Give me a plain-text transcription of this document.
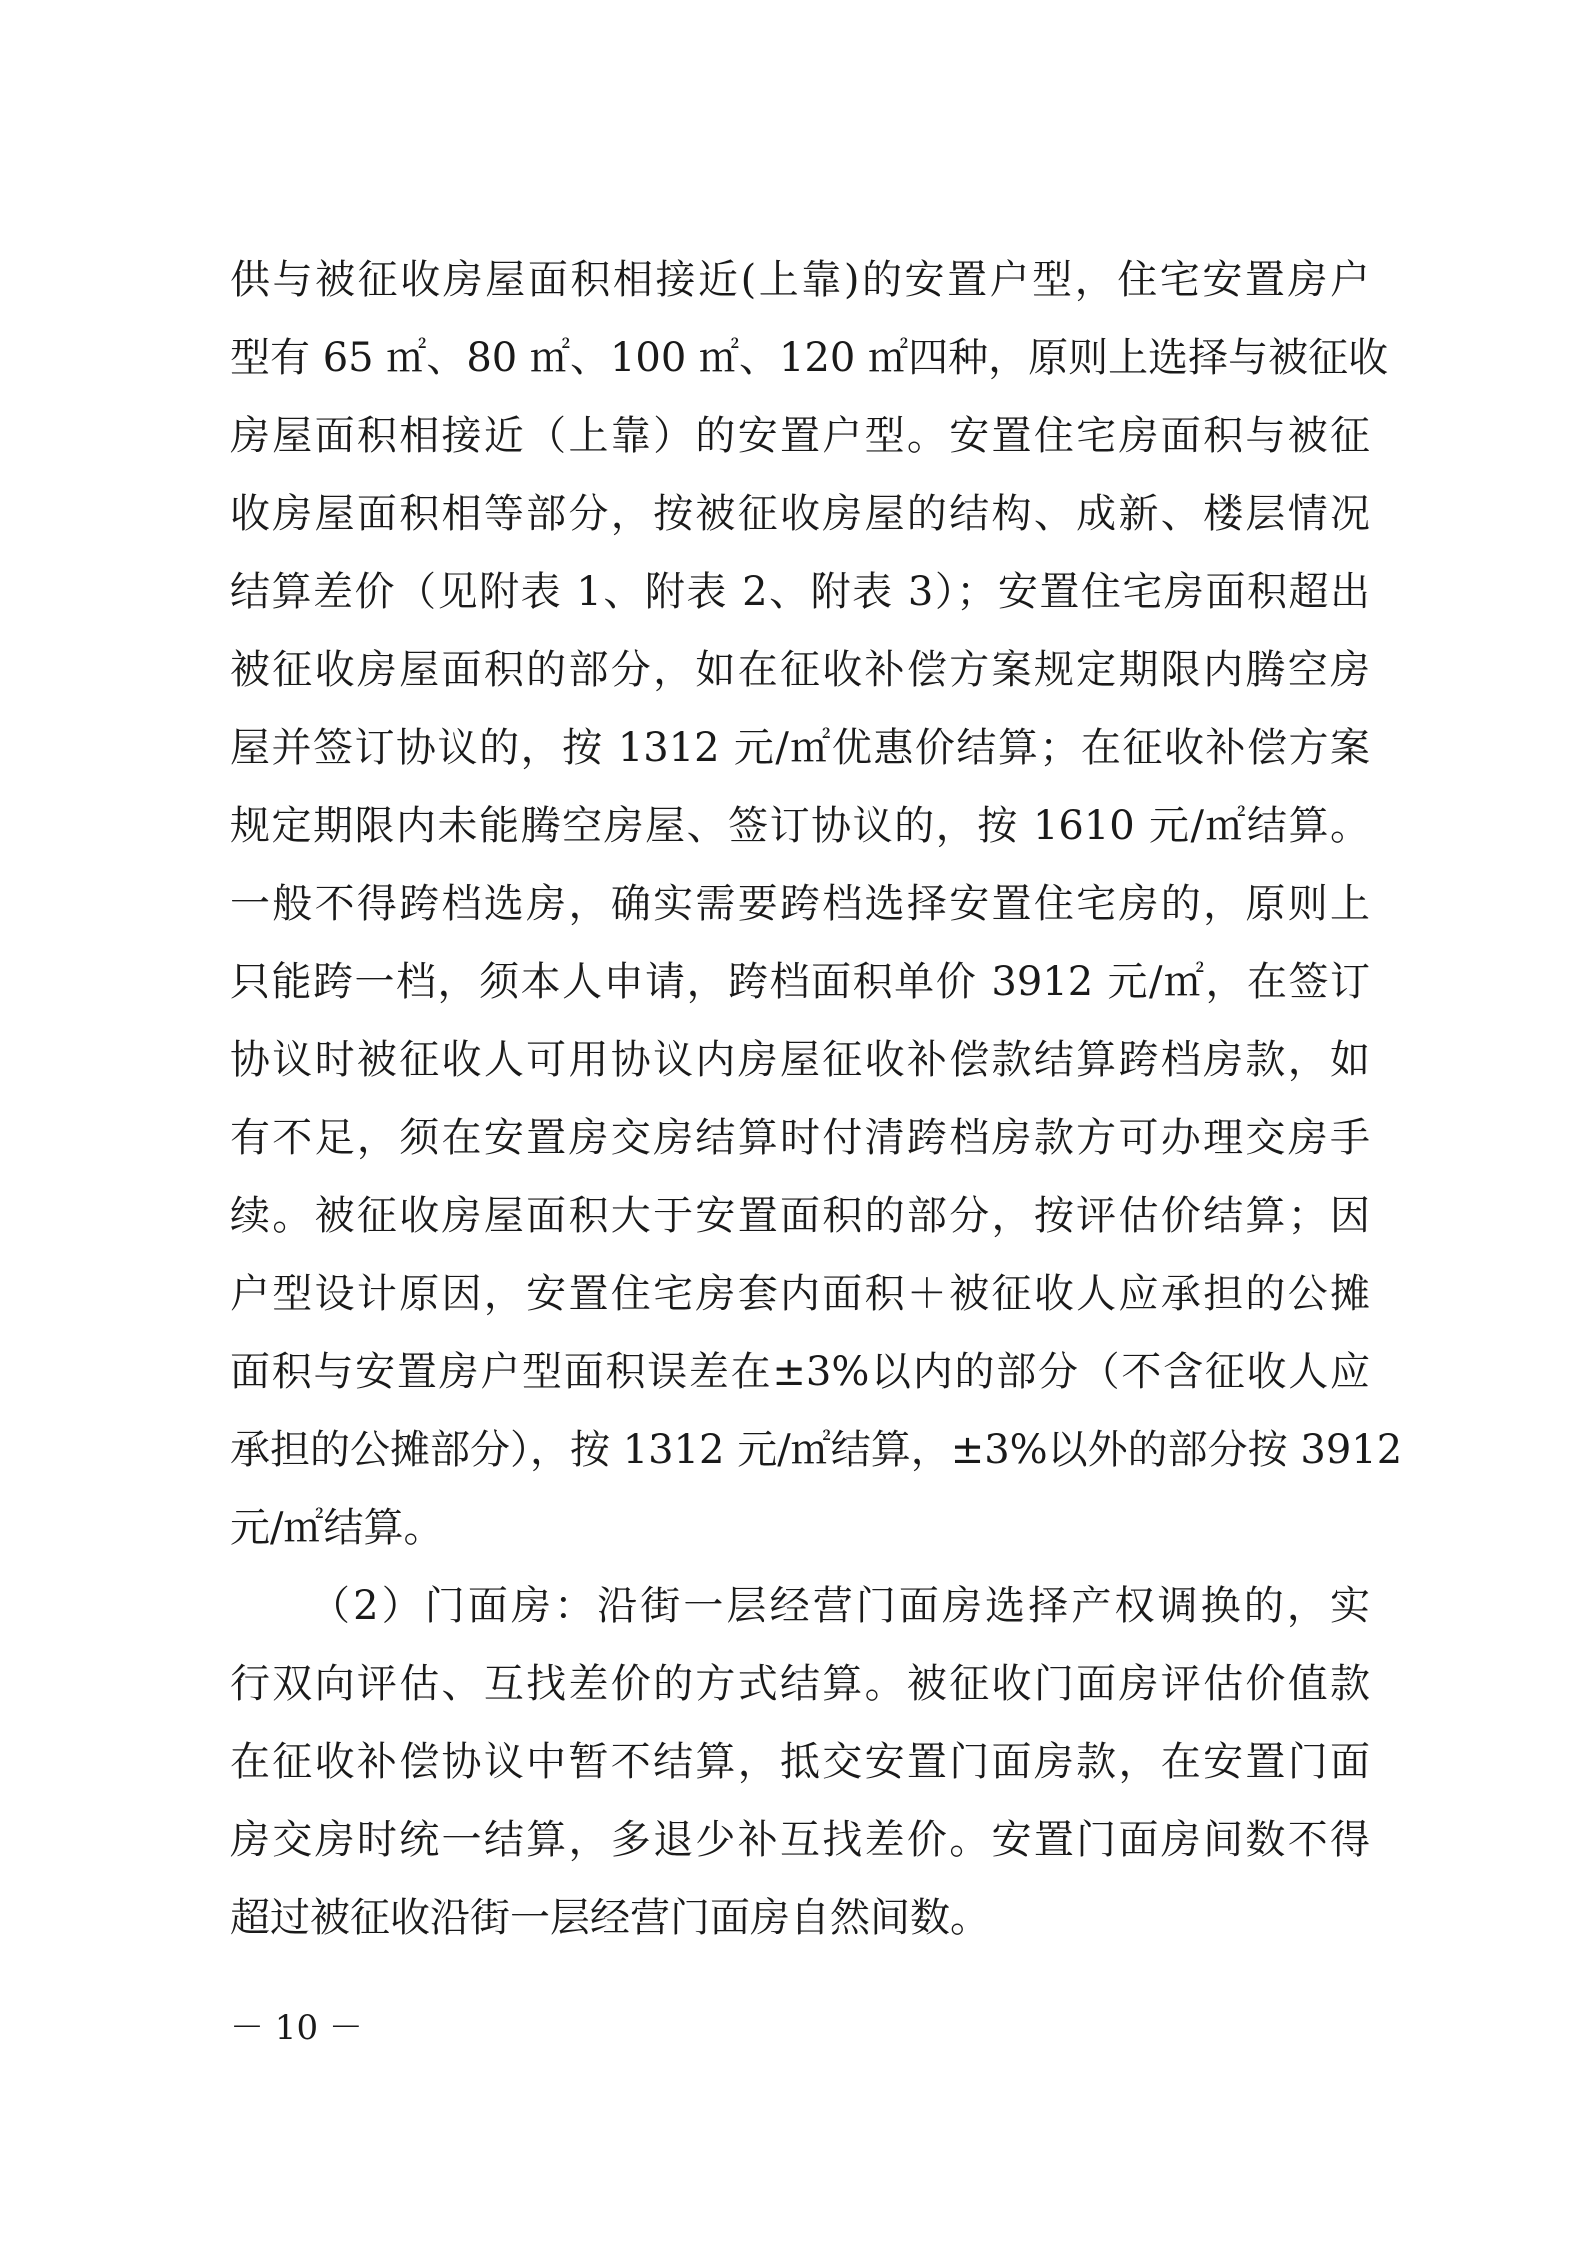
供与被征收房屋面积相接近(上靠)的安置户型，住宅安置房户
型有 65 ㎡、80 ㎡、100 ㎡、120 ㎡四种，原则上选择与被征收
房屋面积相接近（上靠）的安置户型。安置住宅房面积与被征
收房屋面积相等部分，按被征收房屋的结构、成新、楼层情况
结算差价（见附表 1、附表 2、附表 3）；安置住宅房面积超出
被征收房屋面积的部分，如在征收补偿方案规定期限内腾空房
屋并签订协议的，按 1312 元/㎡优惠价结算；在征收补偿方案
规定期限内未能腾空房屋、签订协议的，按 1610 元/㎡结算。
一般不得跨档选房，确实需要跨档选择安置住宅房的，原则上
只能跨一档，须本人申请，跨档面积单价 3912 元/㎡，在签订
协议时被征收人可用协议内房屋征收补偿款结算跨档房款，如
有不足，须在安置房交房结算时付清跨档房款方可办理交房手
续。被征收房屋面积大于安置面积的部分，按评估价结算；因
户型设计原因，安置住宅房套内面积＋被征收人应承担的公摊
面积与安置房户型面积误差在±3%以内的部分（不含征收人应
承担的公摊部分），按 1312 元/㎡结算，±3%以外的部分按 3912
元/㎡结算。
（2）门面房：沿街一层经营门面房选择产权调换的，实
行双向评估、互找差价的方式结算。被征收门面房评估价值款
在征收补偿协议中暂不结算，抵交安置门面房款，在安置门面
房交房时统一结算，多退少补互找差价。安置门面房间数不得
超过被征收沿街一层经营门面房自然间数。
－ 10 －
